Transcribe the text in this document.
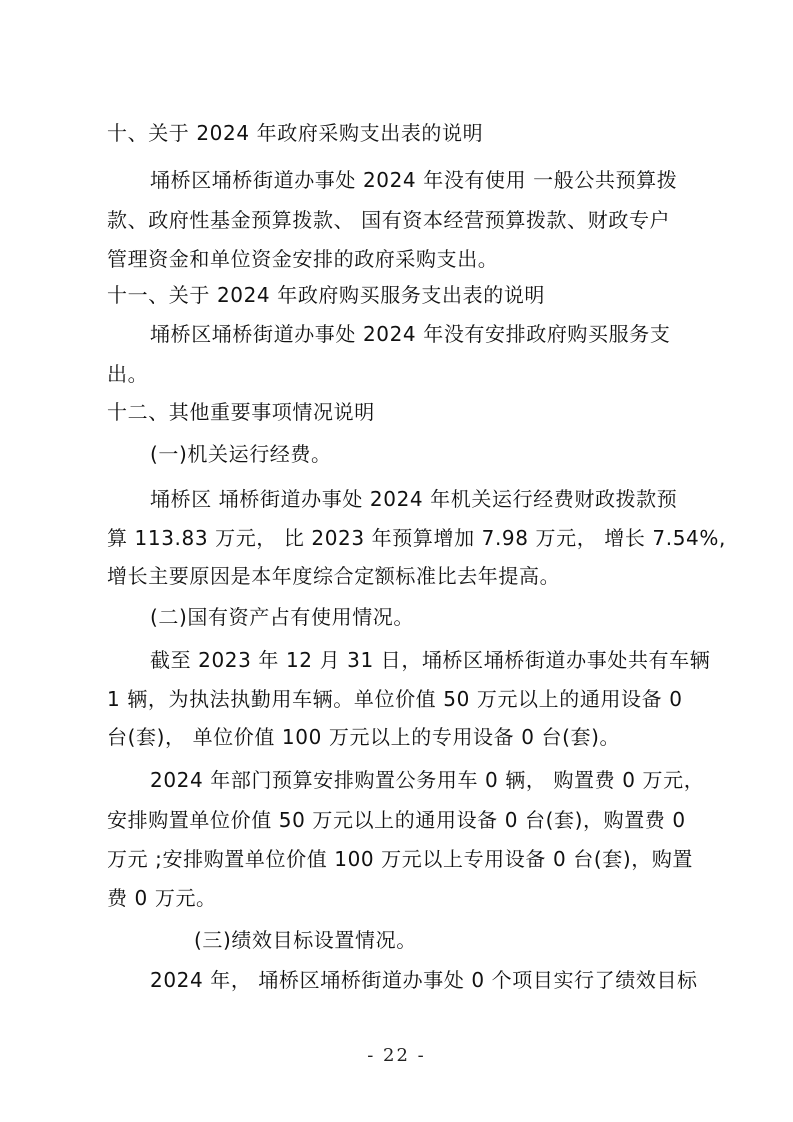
十、关于 2024 年政府采购支出表的说明
埇桥区埇桥街道办事处 2024 年没有使用 一般公共预算拨
款、政府性基金预算拨款、 国有资本经营预算拨款、财政专户
管理资金和单位资金安排的政府采购支出。
十一、关于 2024 年政府购买服务支出表的说明
埇桥区埇桥街道办事处 2024 年没有安排政府购买服务支
出。
十二、其他重要事项情况说明
(一)机关运行经费。
埇桥区 埇桥街道办事处 2024 年机关运行经费财政拨款预
算 113.83 万元， 比 2023 年预算增加 7.98 万元， 增长 7.54%,
增长主要原因是本年度综合定额标准比去年提高。
(二)国有资产占有使用情况。
截至 2023 年 12 月 31 日，埇桥区埇桥街道办事处共有车辆
1 辆，为执法执勤用车辆。单位价值 50 万元以上的通用设备 0
台(套)， 单位价值 100 万元以上的专用设备 0 台(套)。
2024 年部门预算安排购置公务用车 0 辆， 购置费 0 万元，
安排购置单位价值 50 万元以上的通用设备 0 台(套)，购置费 0
万元 ;安排购置单位价值 100 万元以上专用设备 0 台(套)，购置
费 0 万元。
(三)绩效目标设置情况。
2024 年， 埇桥区埇桥街道办事处 0 个项目实行了绩效目标
- 22 -
